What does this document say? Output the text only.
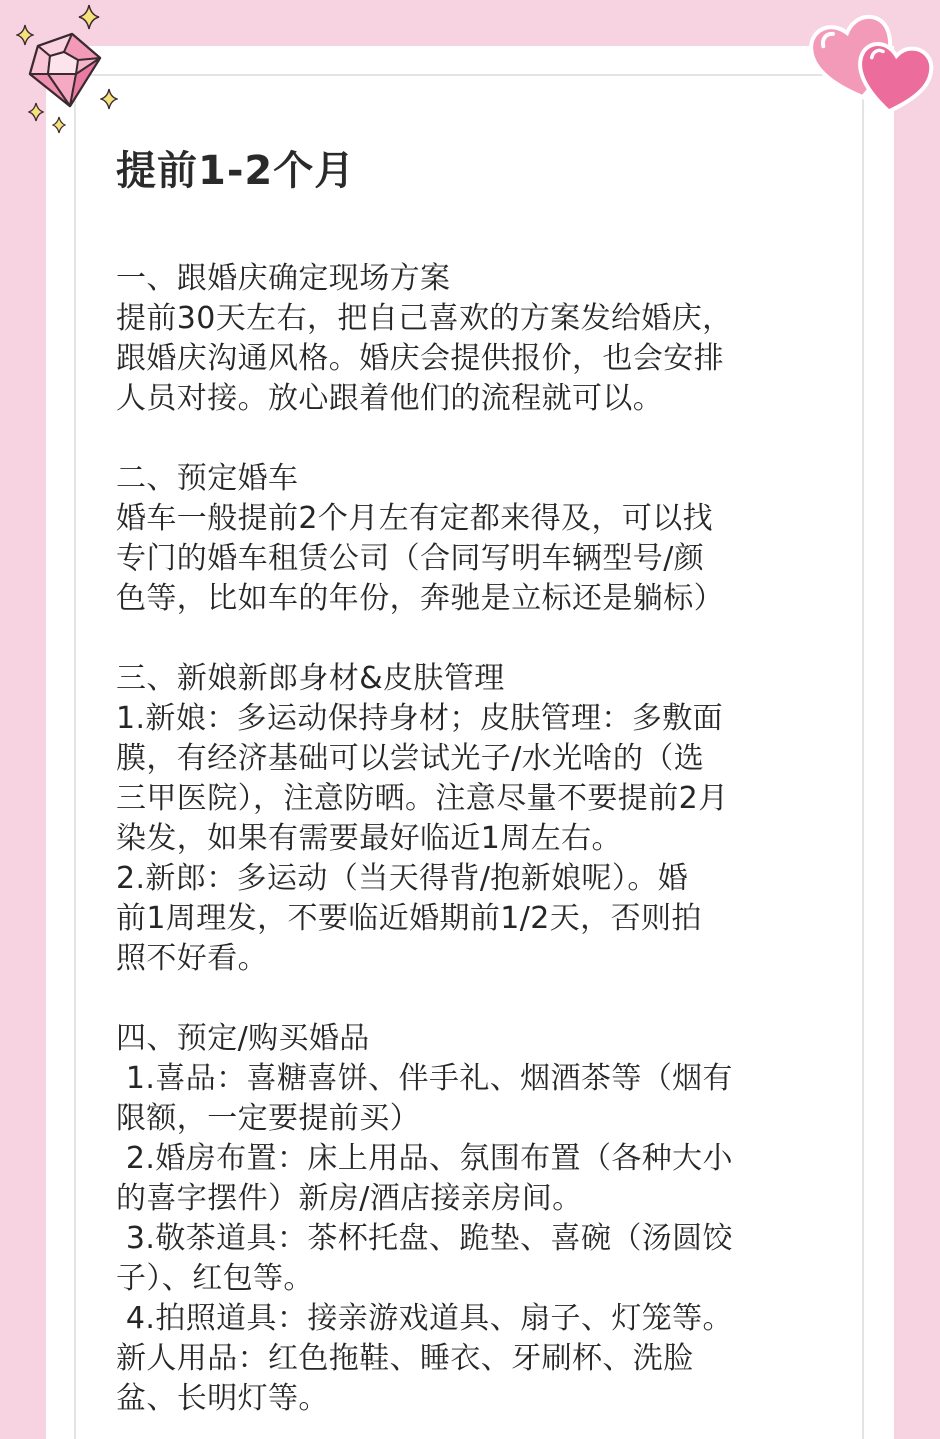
提前1-2个月
一、跟婚庆确定现场方案
提前30天左右，把自己喜欢的方案发给婚庆，
跟婚庆沟通风格。婚庆会提供报价，也会安排
人员对接。放心跟着他们的流程就可以。
二、预定婚车
婚车一般提前2个月左有定都来得及，可以找
专门的婚车租赁公司（合同写明车辆型号/颜
色等，比如车的年份，奔驰是立标还是躺标）
三、新娘新郎身材&皮肤管理
1.新娘：多运动保持身材；皮肤管理：多敷面
膜，有经济基础可以尝试光子/水光啥的（选
三甲医院），注意防晒。注意尽量不要提前2月
染发，如果有需要最好临近1周左右。
2.新郎：多运动（当天得背/抱新娘呢）。婚
前1周理发，不要临近婚期前1/2天，否则拍
照不好看。
四、预定/购买婚品
1.喜品：喜糖喜饼、伴手礼、烟酒茶等（烟有
限额，一定要提前买）
2.婚房布置：床上用品、氛围布置（各种大小
的喜字摆件）新房/酒店接亲房间。
3.敬茶道具：茶杯托盘、跪垫、喜碗（汤圆饺
子）、红包等。
4.拍照道具：接亲游戏道具、扇子、灯笼等。
新人用品：红色拖鞋、睡衣、牙刷杯、洗脸
盆、长明灯等。
